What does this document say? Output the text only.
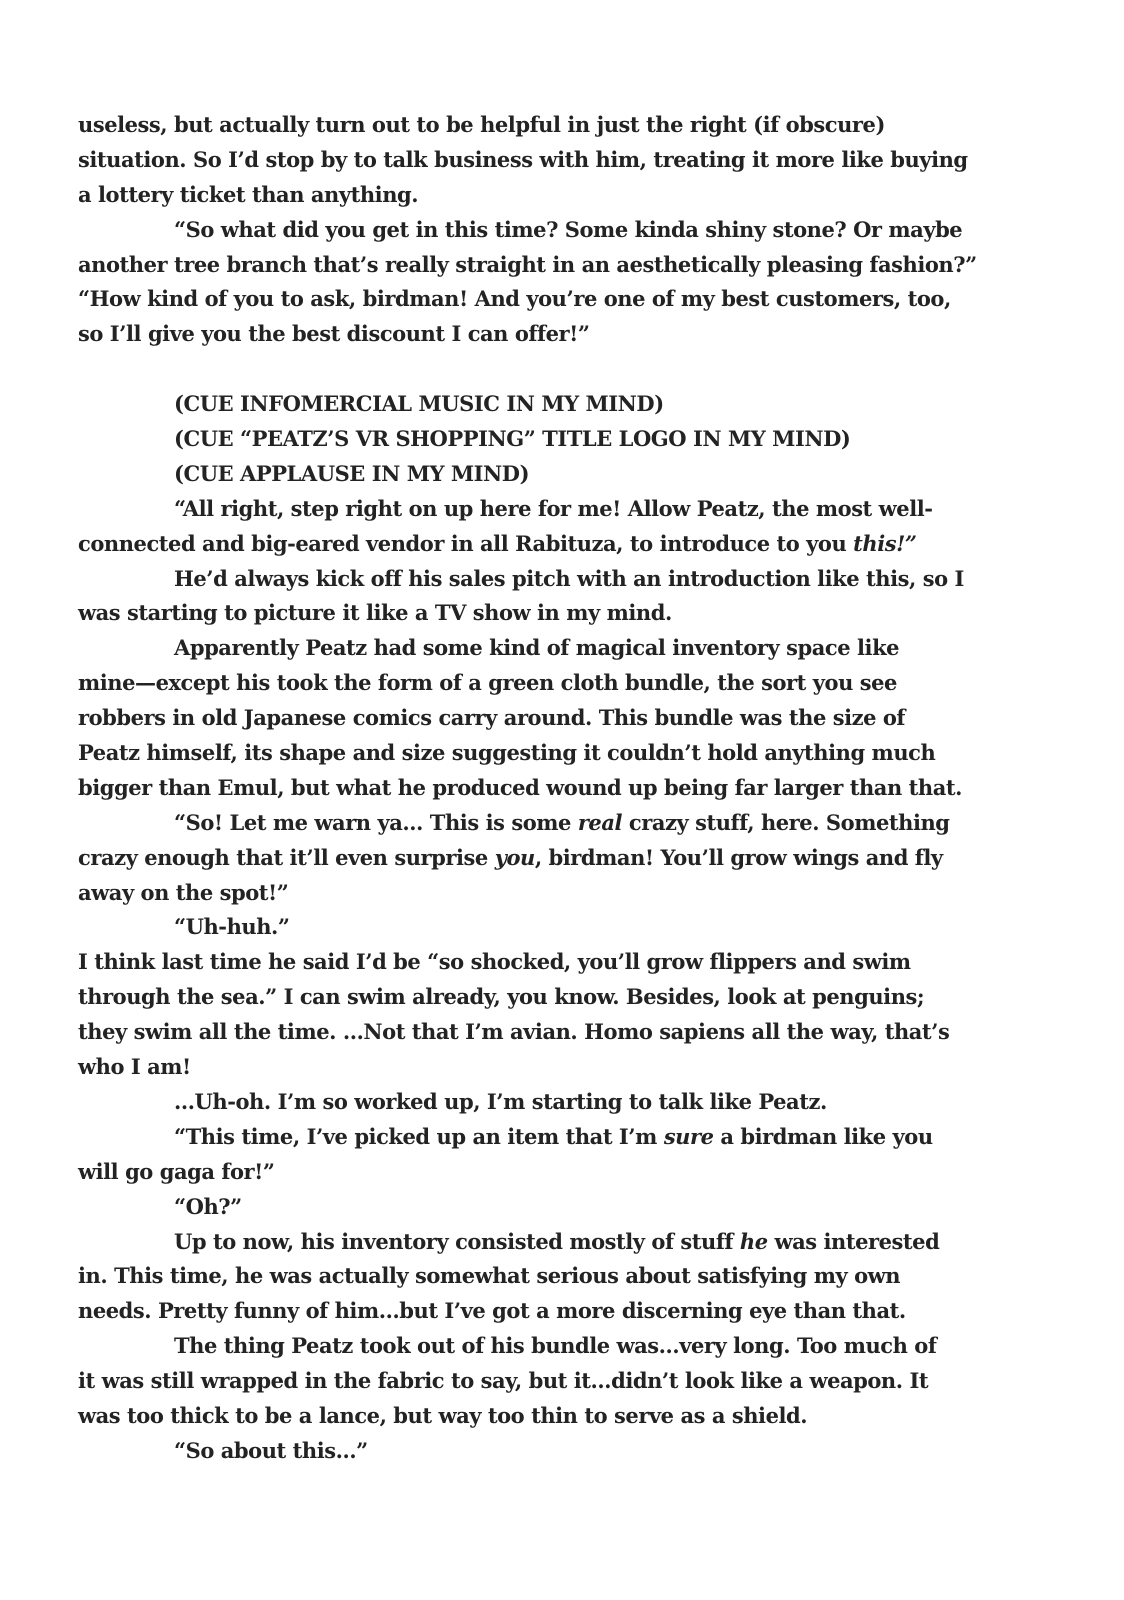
useless, but actually turn out to be helpful in just the right (if obscure)
situation. So I’d stop by to talk business with him, treating it more like buying
a lottery ticket than anything.
“So what did you get in this time? Some kinda shiny stone? Or maybe
another tree branch that’s really straight in an aesthetically pleasing fashion?”
“How kind of you to ask, birdman! And you’re one of my best customers, too,
so I’ll give you the best discount I can offer!”
(CUE INFOMERCIAL MUSIC IN MY MIND)
(CUE “PEATZ’S VR SHOPPING” TITLE LOGO IN MY MIND)
(CUE APPLAUSE IN MY MIND)
“All right, step right on up here for me! Allow Peatz, the most well-
connected and big-eared vendor in all Rabituza, to introduce to you this!”
He’d always kick off his sales pitch with an introduction like this, so I
was starting to picture it like a TV show in my mind.
Apparently Peatz had some kind of magical inventory space like
mine—except his took the form of a green cloth bundle, the sort you see
robbers in old Japanese comics carry around. This bundle was the size of
Peatz himself, its shape and size suggesting it couldn’t hold anything much
bigger than Emul, but what he produced wound up being far larger than that.
“So! Let me warn ya… This is some real crazy stuff, here. Something
crazy enough that it’ll even surprise you, birdman! You’ll grow wings and fly
away on the spot!”
“Uh-huh.”
I think last time he said I’d be “so shocked, you’ll grow flippers and swim
through the sea.” I can swim already, you know. Besides, look at penguins;
they swim all the time. …Not that I’m avian. Homo sapiens all the way, that’s
who I am!
…Uh-oh. I’m so worked up, I’m starting to talk like Peatz.
“This time, I’ve picked up an item that I’m sure a birdman like you
will go gaga for!”
“Oh?”
Up to now, his inventory consisted mostly of stuff he was interested
in. This time, he was actually somewhat serious about satisfying my own
needs. Pretty funny of him…but I’ve got a more discerning eye than that.
The thing Peatz took out of his bundle was…very long. Too much of
it was still wrapped in the fabric to say, but it…didn’t look like a weapon. It
was too thick to be a lance, but way too thin to serve as a shield.
“So about this…”
